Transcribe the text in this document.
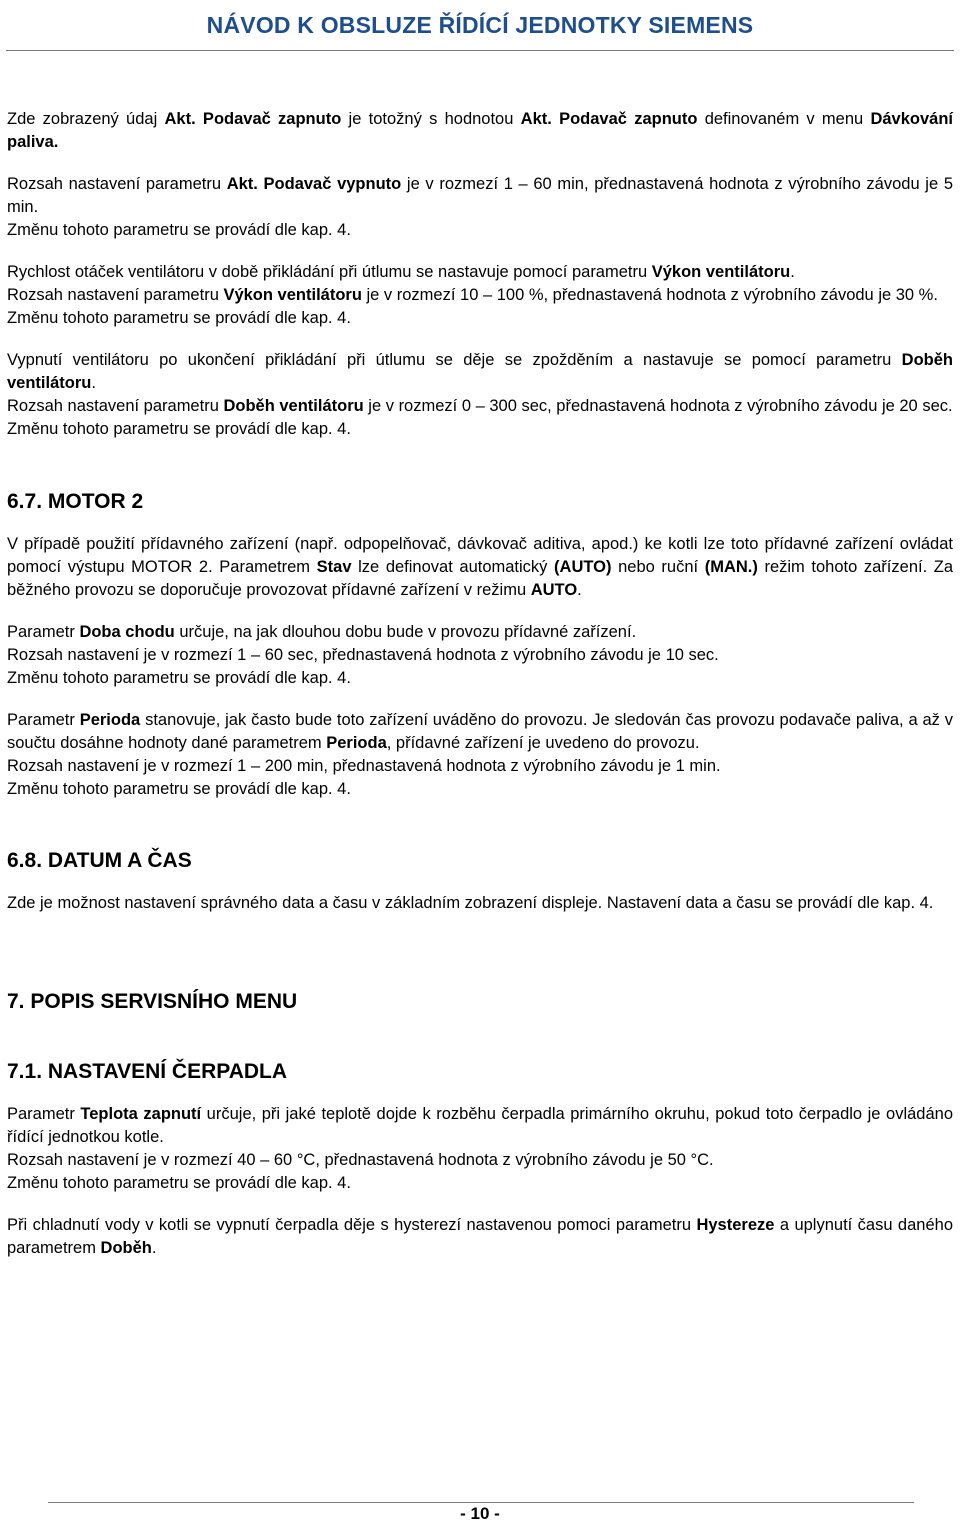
NÁVOD K OBSLUZE ŘÍDÍCÍ JEDNOTKY SIEMENS

Zde zobrazený údaj Akt. Podavač zapnuto je totožný s hodnotou Akt. Podavač zapnuto definovaném v menu Dávkování paliva.

Rozsah nastavení parametru Akt. Podavač vypnuto je v rozmezí 1 – 60 min, přednastavená hodnota z výrobního závodu je 5 min.
Změnu tohoto parametru se provádí dle kap. 4.

Rychlost otáček ventilátoru v době přikládání při útlumu se nastavuje pomocí parametru Výkon ventilátoru.
Rozsah nastavení parametru Výkon ventilátoru je v rozmezí 10 – 100 %, přednastavená hodnota z výrobního závodu je 30 %.
Změnu tohoto parametru se provádí dle kap. 4.

Vypnutí ventilátoru po ukončení přikládání při útlumu se děje se zpožděním a nastavuje se pomocí parametru Doběh ventilátoru.
Rozsah nastavení parametru Doběh ventilátoru je v rozmezí 0 – 300 sec, přednastavená hodnota z výrobního závodu je 20 sec.
Změnu tohoto parametru se provádí dle kap. 4.

6.7. MOTOR 2

V případě použití přídavného zařízení (např. odpopelňovač, dávkovač aditiva, apod.) ke kotli lze toto přídavné zařízení ovládat pomocí výstupu MOTOR 2. Parametrem Stav lze definovat automatický (AUTO) nebo ruční (MAN.) režim tohoto zařízení. Za běžného provozu se doporučuje provozovat přídavné zařízení v režimu AUTO.

Parametr Doba chodu určuje, na jak dlouhou dobu bude v provozu přídavné zařízení.
Rozsah nastavení je v rozmezí 1 – 60 sec, přednastavená hodnota z výrobního závodu je 10 sec.
Změnu tohoto parametru se provádí dle kap. 4.

Parametr Perioda stanovuje, jak často bude toto zařízení uváděno do provozu. Je sledován čas provozu podavače paliva, a až v součtu dosáhne hodnoty dané parametrem Perioda, přídavné zařízení je uvedeno do provozu.
Rozsah nastavení je v rozmezí 1 – 200 min, přednastavená hodnota z výrobního závodu je 1 min.
Změnu tohoto parametru se provádí dle kap. 4.

6.8. DATUM A ČAS

Zde je možnost nastavení správného data a času v základním zobrazení displeje. Nastavení data a času se provádí dle kap. 4.

7. POPIS SERVISNÍHO MENU
7.1. NASTAVENÍ ČERPADLA

Parametr Teplota zapnutí určuje, při jaké teplotě dojde k rozběhu čerpadla primárního okruhu, pokud toto čerpadlo je ovládáno řídící jednotkou kotle.
Rozsah nastavení je v rozmezí 40 – 60 °C, přednastavená hodnota z výrobního závodu je 50 °C.
Změnu tohoto parametru se provádí dle kap. 4.

Při chladnutí vody v kotli se vypnutí čerpadla děje s hysterezí nastavenou pomoci parametru Hystereze a uplynutí času daného parametrem Doběh.

- 10 -
